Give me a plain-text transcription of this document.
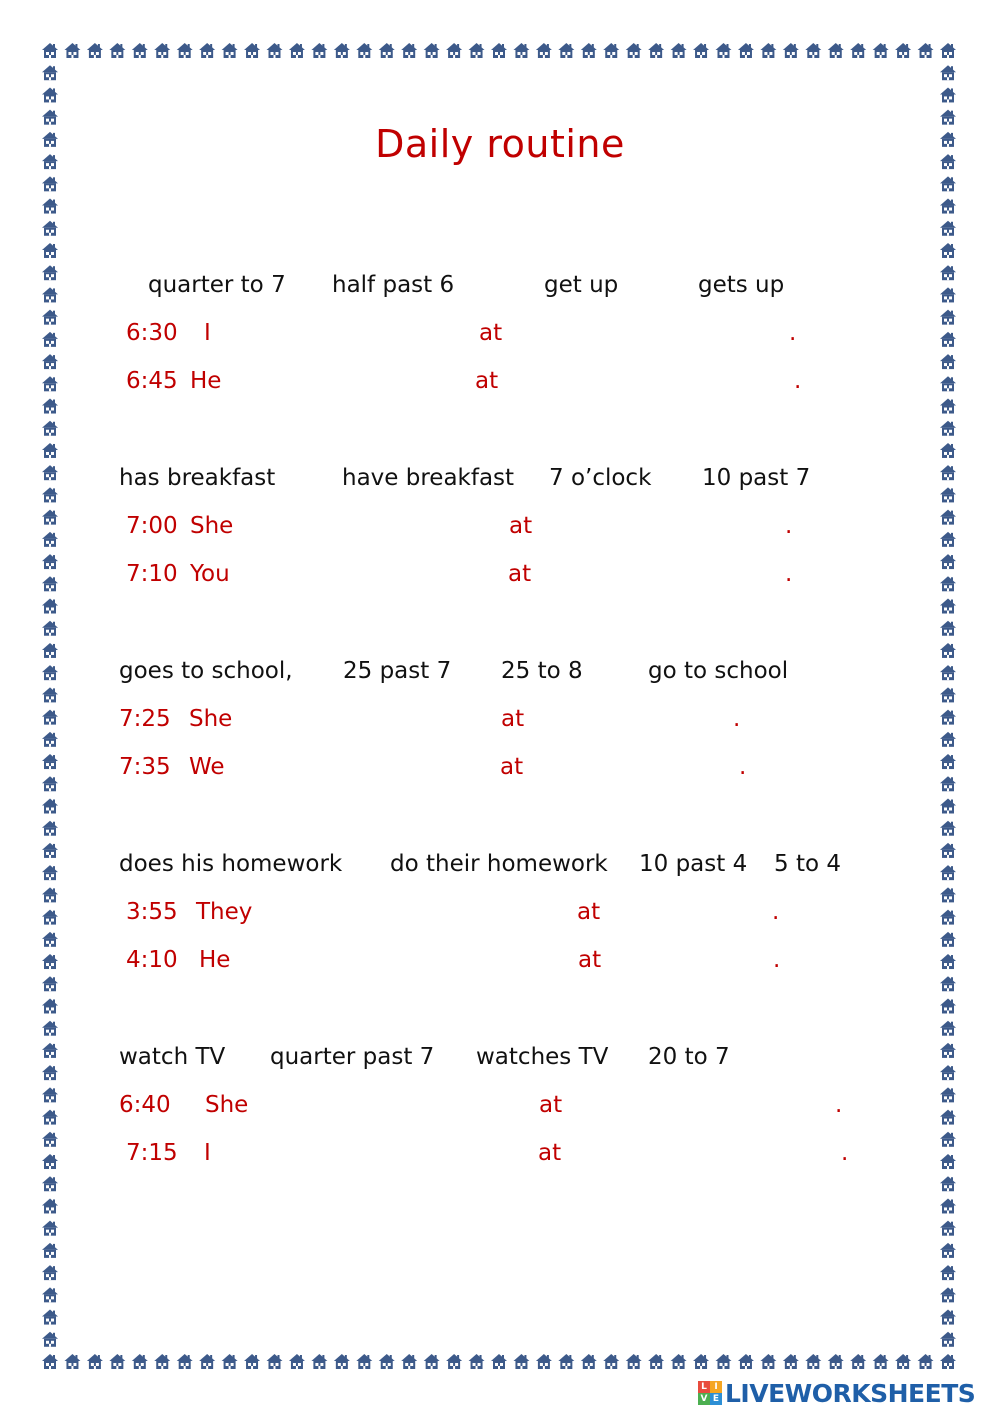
Daily routine
quarter to 7 half past 6	get up	gets up
6:30 I	at	.
6:45 He	at	.
has breakfast	have breakfast 7 o’clock 10 past 7
7:00 She	at	.
7:10 You	at	.
goes to school, 25 past 7 25 to 8	go to school
7:25 She	at	.
7:35 We	at	.
does his homework do their homework 10 past 4 5 to 4
3:55 They	at	.
4:10 He	at	.
watch TV quarter past 7 watches TV 20 to 7
6:40 She	at	.
7:15 I	at	.
L I
V E LIVEWORKSHEETS
